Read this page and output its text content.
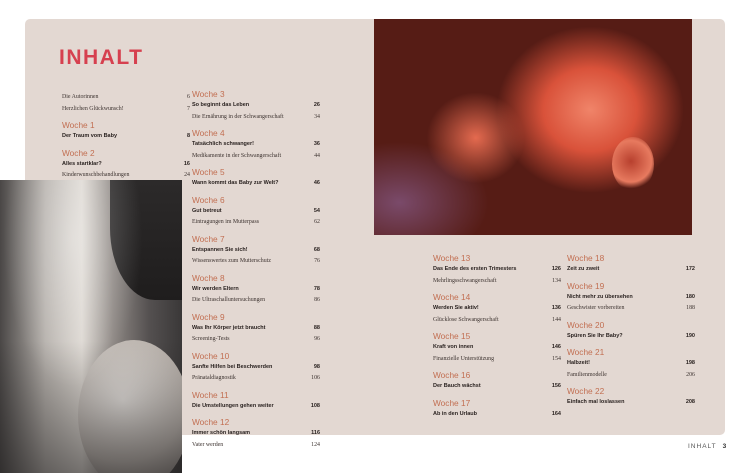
INHALT
Die Autorinnen	6
Herzlichen Glückwunsch!	7
Woche 1
Der Traum vom Baby	8
Woche 2
Alles startklar?	16
Kinderwunschbehandlungen	24
Woche 3
So beginnt das Leben	26
Die Ernährung in der Schwangerschaft	34
Woche 4
Tatsächlich schwanger!	36
Medikamente in der Schwangerschaft	44
Woche 5
Wann kommt das Baby zur Welt?	46
Woche 6
Gut betreut	54
Eintragungen im Mutterpass	62
Woche 7
Entspannen Sie sich!	68
Wissenswertes zum Mutterschutz	76
Woche 8
Wir werden Eltern	78
Die Ultraschalluntersuchungen	86
Woche 9
Was Ihr Körper jetzt braucht	88
Screening-Tests	96
Woche 10
Sanfte Hilfen bei Beschwerden	98
Pränataldiagnostik	106
Woche 11
Die Umstellungen gehen weiter	108
Woche 12
Immer schön langsam	116
Vater werden	124
Woche 13
Das Ende des ersten Trimesters	126
Mehrlingsschwangerschaft	134
Woche 14
Werden Sie aktiv!	136
Glücklose Schwangerschaft	144
Woche 15
Kraft von innen	146
Finanzielle Unterstützung	154
Woche 16
Der Bauch wächst	156
Woche 17
Ab in den Urlaub	164
Woche 18
Zeit zu zweit	172
Woche 19
Nicht mehr zu übersehen	180
Geschwister vorbereiten	188
Woche 20
Spüren Sie Ihr Baby?	190
Woche 21
Halbzeit!	198
Familienmodelle	206
Woche 22
Einfach mal loslassen	208
INHALT 3
